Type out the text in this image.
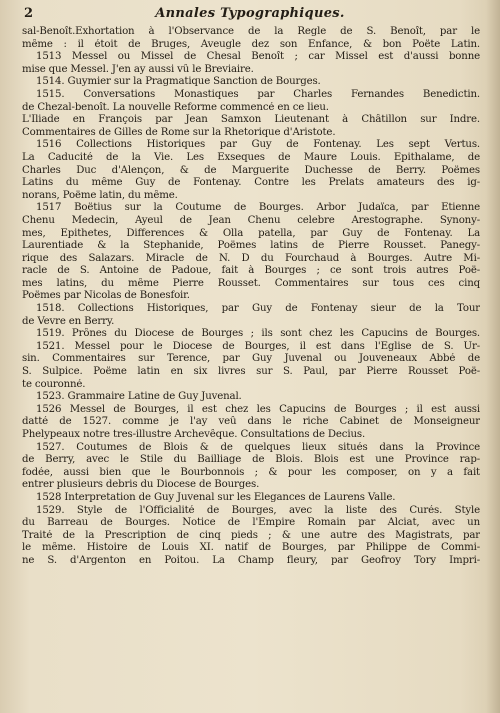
2	Annales Typographiques.
sal-Benoît.Exhortation à l'Observance de la Regle de S. Benoît, par le
même : il étoit de Bruges, Aveugle dez son Enfance, & bon Poëte Latin.
1513 Messel ou Missel de Chesal Benoît ; car Missel est d'aussi bonne
mise que Messel. J'en ay aussi vû le Breviaire.
1514. Guymier sur la Pragmatique Sanction de Bourges.
1515. Conversations Monastiques par Charles Fernandes Benedictin.
de Chezal-benoît. La nouvelle Reforme commencé en ce lieu.
L'Iliade en François par Jean Samxon Lieutenant à Châtillon sur Indre.
Commentaires de Gilles de Rome sur la Rhetorique d'Aristote.
1516 Collections Historiques par Guy de Fontenay. Les sept Vertus.
La Caducité de la Vie. Les Exseques de Maure Louis. Epithalame, de
Charles Duc d'Alençon, & de Marguerite Duchesse de Berry. Poëmes
Latins du même Guy de Fontenay. Contre les Prelats amateurs des ig-
norans, Poëme latin, du même.
1517 Boëtius sur la Coutume de Bourges. Arbor Judaïca, par Etienne
Chenu Medecin, Ayeul de Jean Chenu celebre Arestographe. Synony-
mes, Epithetes, Differences & Olla patella, par Guy de Fontenay. La
Laurentiade & la Stephanide, Poëmes latins de Pierre Rousset. Panegy-
rique des Salazars. Miracle de N. D du Fourchaud à Bourges. Autre Mi-
racle de S. Antoine de Padoue, fait à Bourges ; ce sont trois autres Poë-
mes latins, du même Pierre Rousset. Commentaires sur tous ces cinq
Poëmes par Nicolas de Bonesfoir.
1518. Collections Historiques, par Guy de Fontenay sieur de la Tour
de Vevre en Berry.
1519. Prônes du Diocese de Bourges ; ils sont chez les Capucins de Bourges.
1521. Messel pour le Diocese de Bourges, il est dans l'Eglise de S. Ur-
sin. Commentaires sur Terence, par Guy Juvenal ou Jouveneaux Abbé de
S. Sulpice. Poëme latin en six livres sur S. Paul, par Pierre Rousset Poë-
te couronné.
1523. Grammaire Latine de Guy Juvenal.
1526 Messel de Bourges, il est chez les Capucins de Bourges ; il est aussi
datté de 1527. comme je l'ay veû dans le riche Cabinet de Monseigneur
Phelypeaux notre tres-illustre Archevêque. Consultations de Decius.
1527. Coutumes de Blois & de quelques lieux situés dans la Province
de Berry, avec le Stile du Bailliage de Blois. Blois est une Province rap-
fodée, aussi bien que le Bourbonnois ; & pour les composer, on y a fait
entrer plusieurs debris du Diocese de Bourges.
1528 Interpretation de Guy Juvenal sur les Elegances de Laurens Valle.
1529. Style de l'Officialité de Bourges, avec la liste des Curés. Style
du Barreau de Bourges. Notice de l'Empire Romain par Alciat, avec un
Traité de la Prescription de cinq pieds ; & une autre des Magistrats, par
le même. Histoire de Louis XI. natif de Bourges, par Philippe de Commi-
ne S. d'Argenton en Poitou. La Champ fleury, par Geofroy Tory Impri-
